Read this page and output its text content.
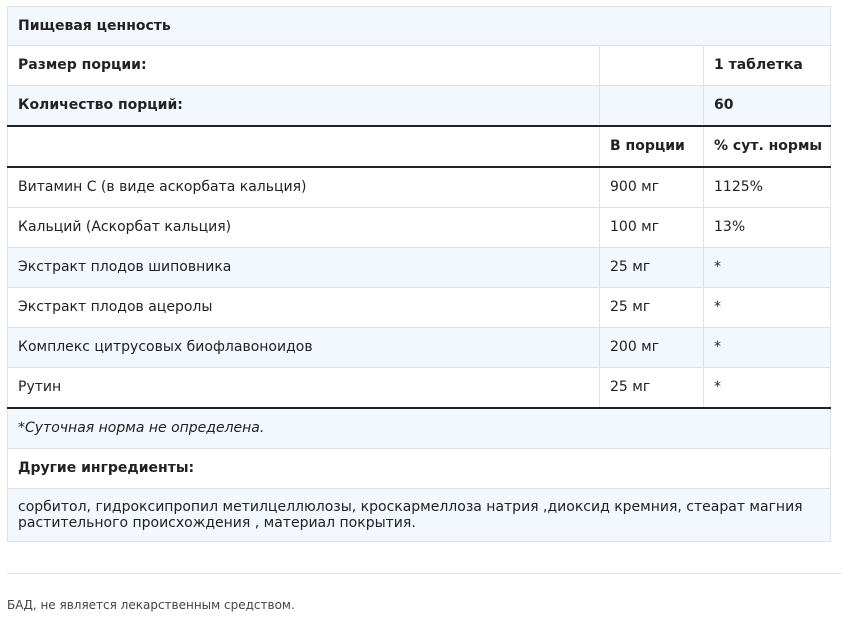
Пищевая ценность		
Размер порции:		1 таблетка
Количество порций:		60
	В порции	% сут. нормы
Витамин С (в виде аскорбата кальция)	900 мг	1125%
Кальций (Аскорбат кальция)	100 мг	13%
Экстракт плодов шиповника	25 мг	*
Экстракт плодов ацеролы	25 мг	*
Комплекс цитрусовых биофлавоноидов	200 мг	*
Рутин	25 мг	*
*Суточная норма не определена.		
Другие ингредиенты:		
сорбитол, гидроксипропил метилцеллюлозы, кроскармеллоза натрия ,диоксид кремния, стеарат магния растительного происхождения , материал покрытия.		
БАД, не является лекарственным средством.
